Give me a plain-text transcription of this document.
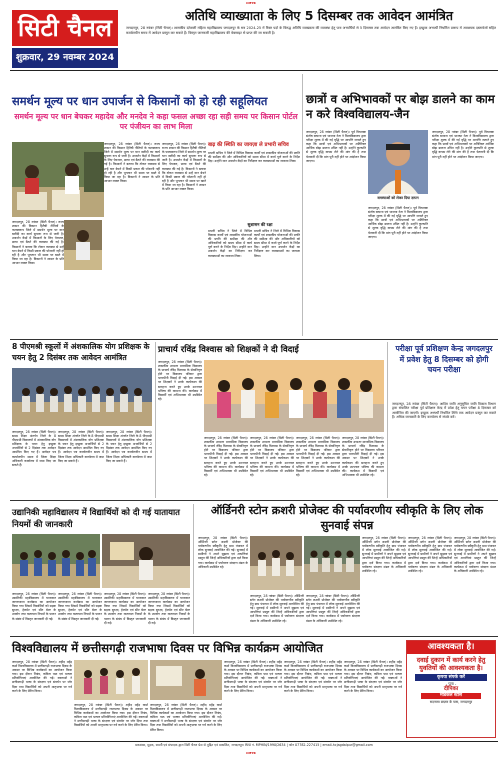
CMYK
सिटी चैनल
शुक्रवार, 29 नवम्बर 2024
अतिथि व्याख्याता के लिए 5 दिसम्बर तक आवेदन आमंत्रित
जगदलपुर, 28 नवंबर (सिटी चैनल)। शासकीय दंतेश्वरी महिला महाविद्यालय जगदलपुर के सत्र 2024-25 में रिक्त पदों के विरुद्ध अतिथि व्याख्याता की व्यवस्था हेतु पात्र अभ्यर्थियों से 5 दिसम्बर तक आवेदन आमंत्रित किए गए हैं। इच्छुक अभ्यर्थी निर्धारित प्रारूप में आवश्यक दस्तावेजों सहित कार्यालयीन समय में आवेदन प्रस्तुत कर सकते हैं। विस्तृत जानकारी महाविद्यालय की वेबसाइट से प्राप्त की जा सकती है।
समर्थन मूल्य पर धान उपार्जन से किसानों को हो रही सहूलियत
समर्थन मूल्य पर धान बेचकर महादेव और मनदेव ने कहा फसल अच्छा रहा सही समय पर किसान पोर्टल पर पंजीयन का लाभ मिला
जगदलपुर, 28 नवंबर (सिटी चैनल)। राज्य शासन की किसान हितैषी नीतियों के फलस्वरूप जिले में समर्थन मूल्य पर धान खरीदी का कार्य सुचारू रूप से जारी है। उपार्जन केंद्रों में किसानों के लिए पेयजल, छाया एवं बैठने की व्यवस्था की गई है। किसानों ने बताया कि टोकन व्यवस्था से उन्हें धान बेचने में किसी प्रकार की परेशानी नहीं हो रही है और भुगतान भी समय पर खाते में किया जा रहा है। किसानों ने शासन के प्रति आभार व्यक्त किया।
जगदलपुर, 28 नवंबर (सिटी चैनल)। राज्य शासन की किसान हितैषी नीतियों के फलस्वरूप जिले में समर्थन मूल्य पर धान खरीदी का कार्य सुचारू रूप से जारी है। उपार्जन केंद्रों में किसानों के लिए पेयजल, छाया एवं बैठने की व्यवस्था की गई है। किसानों ने बताया कि टोकन व्यवस्था से उन्हें धान बेचने में किसी प्रकार की परेशानी नहीं हो रही है और भुगतान भी समय पर खाते में किया जा रहा है। किसानों ने शासन के प्रति आभार व्यक्त किया।
जगदलपुर, 28 नवंबर (सिटी चैनल)। राज्य शासन की किसान हितैषी नीतियों के फलस्वरूप जिले में समर्थन मूल्य पर धान खरीदी का कार्य सुचारू रूप से जारी है। उपार्जन केंद्रों में किसानों के लिए पेयजल, छाया एवं बैठने की व्यवस्था की गई है। किसानों ने बताया कि टोकन व्यवस्था से उन्हें धान बेचने में किसी प्रकार की परेशानी नहीं हो रही है और भुगतान भी समय पर खाते में किया जा रहा है। किसानों ने शासन के प्रति आभार व्यक्त किया।
बाढ़ की स्थिति का जायज़ा ले प्रभारी सचिव
प्रभारी सचिव ने जिले में विभिन्न विकास कार्यों एवं शासकीय योजनाओं की प्रगति की समीक्षा की और अधिकारियों को समय सीमा में कार्य पूर्ण करने के निर्देश दिए। उन्होंने धान उपार्जन केंद्रों का निरीक्षण कर व्यवस्थाओं का जायजा लिया।
सुशासन की रक्षा
प्रभारी सचिव ने जिले में विभिन्न विकास कार्यों एवं शासकीय योजनाओं की प्रगति की समीक्षा की और अधिकारियों को समय सीमा में कार्य पूर्ण करने के निर्देश दिए। उन्होंने धान उपार्जन केंद्रों का निरीक्षण कर व्यवस्थाओं का जायजा लिया।
प्रभारी सचिव ने जिले में विभिन्न विकास कार्यों एवं शासकीय योजनाओं की प्रगति की समीक्षा की और अधिकारियों को समय सीमा में कार्य पूर्ण करने के निर्देश दिए। उन्होंने धान उपार्जन केंद्रों का निरीक्षण कर व्यवस्थाओं का जायजा लिया।
छात्रों व अभिभावकों पर बोझ डालने का काम न करे विश्वविद्यालय-जैन
जगदलपुर, 28 नवंबर (सिटी चैनल)। पूर्व विधायक संतोष बाफना एवं भाजपा नेता ने विश्वविद्यालय द्वारा परीक्षा शुल्क में की गई वृद्धि पर आपत्ति जताते हुए कहा कि छात्रों एवं अभिभावकों पर अतिरिक्त आर्थिक बोझ डालना उचित नहीं है। उन्होंने कुलपति से शुल्क वृद्धि वापस लेने की मांग की है तथा चेतावनी दी कि मांग पूरी नहीं होने पर आंदोलन किया जाएगा।
समस्याओं को लेकर दिया ज्ञापन
जगदलपुर, 28 नवंबर (सिटी चैनल)। पूर्व विधायक संतोष बाफना एवं भाजपा नेता ने विश्वविद्यालय द्वारा परीक्षा शुल्क में की गई वृद्धि पर आपत्ति जताते हुए कहा कि छात्रों एवं अभिभावकों पर अतिरिक्त आर्थिक बोझ डालना उचित नहीं है। उन्होंने कुलपति से शुल्क वृद्धि वापस लेने की मांग की है तथा चेतावनी दी कि मांग पूरी नहीं होने पर आंदोलन किया जाएगा।
जगदलपुर, 28 नवंबर (सिटी चैनल)। पूर्व विधायक संतोष बाफना एवं भाजपा नेता ने विश्वविद्यालय द्वारा परीक्षा शुल्क में की गई वृद्धि पर आपत्ति जताते हुए कहा कि छात्रों एवं अभिभावकों पर अतिरिक्त आर्थिक बोझ डालना उचित नहीं है। उन्होंने कुलपति से शुल्क वृद्धि वापस लेने की मांग की है तथा चेतावनी दी कि मांग पूरी नहीं होने पर आंदोलन किया जाएगा।
8 पीएमश्री स्कूलों में अंशकालिक योग प्रशिक्षक के चयन हेतु 2 दिसंबर तक आवेदन आमंत्रित
जगदलपुर, 28 नवंबर (सिटी चैनल)। समग्र शिक्षा अंतर्गत जिले के 8 पीएमश्री विद्यालयों में अंशकालिक योग प्रशिक्षक के चयन हेतु इच्छुक अभ्यर्थियों से 2 दिसंबर तक आवेदन आमंत्रित किए गए हैं। आवेदन पत्र कार्यालयीन समय में जिला शिक्षा अधिकारी कार्यालय में जमा किए जा सकते हैं।
जगदलपुर, 28 नवंबर (सिटी चैनल)। समग्र शिक्षा अंतर्गत जिले के 8 पीएमश्री विद्यालयों में अंशकालिक योग प्रशिक्षक के चयन हेतु इच्छुक अभ्यर्थियों से 2 दिसंबर तक आवेदन आमंत्रित किए गए हैं। आवेदन पत्र कार्यालयीन समय में जिला शिक्षा अधिकारी कार्यालय में जमा किए जा सकते हैं।
जगदलपुर, 28 नवंबर (सिटी चैनल)। समग्र शिक्षा अंतर्गत जिले के 8 पीएमश्री विद्यालयों में अंशकालिक योग प्रशिक्षक के चयन हेतु इच्छुक अभ्यर्थियों से 2 दिसंबर तक आवेदन आमंत्रित किए गए हैं। आवेदन पत्र कार्यालयीन समय में जिला शिक्षा अधिकारी कार्यालय में जमा किए जा सकते हैं।
प्राचार्य रविंद्र विश्वास को शिक्षकों ने दी विदाई
जगदलपुर, 28 नवंबर (सिटी चैनल)। शासकीय उच्चतर माध्यमिक विद्यालय के प्राचार्य रविंद्र विश्वास के सेवानिवृत्त होने पर विद्यालय परिवार द्वारा भावभीनी विदाई दी गई। इस अवसर पर शिक्षकों ने उनके कार्यकाल की सराहना करते हुए उनके उज्ज्वल भविष्य की कामना की। कार्यक्रम में विद्यार्थी एवं अभिभावक भी उपस्थित रहे।
जगदलपुर, 28 नवंबर (सिटी चैनल)। शासकीय उच्चतर माध्यमिक विद्यालय के प्राचार्य रविंद्र विश्वास के सेवानिवृत्त होने पर विद्यालय परिवार द्वारा भावभीनी विदाई दी गई। इस अवसर पर शिक्षकों ने उनके कार्यकाल की सराहना करते हुए उनके उज्ज्वल भविष्य की कामना की। कार्यक्रम में विद्यार्थी एवं अभिभावक भी उपस्थित रहे।
जगदलपुर, 28 नवंबर (सिटी चैनल)। शासकीय उच्चतर माध्यमिक विद्यालय के प्राचार्य रविंद्र विश्वास के सेवानिवृत्त होने पर विद्यालय परिवार द्वारा भावभीनी विदाई दी गई। इस अवसर पर शिक्षकों ने उनके कार्यकाल की सराहना करते हुए उनके उज्ज्वल भविष्य की कामना की। कार्यक्रम में विद्यार्थी एवं अभिभावक भी उपस्थित रहे।
जगदलपुर, 28 नवंबर (सिटी चैनल)। शासकीय उच्चतर माध्यमिक विद्यालय के प्राचार्य रविंद्र विश्वास के सेवानिवृत्त होने पर विद्यालय परिवार द्वारा भावभीनी विदाई दी गई। इस अवसर पर शिक्षकों ने उनके कार्यकाल की सराहना करते हुए उनके उज्ज्वल भविष्य की कामना की। कार्यक्रम में विद्यार्थी एवं अभिभावक भी उपस्थित रहे।
जगदलपुर, 28 नवंबर (सिटी चैनल)। शासकीय उच्चतर माध्यमिक विद्यालय के प्राचार्य रविंद्र विश्वास के सेवानिवृत्त होने पर विद्यालय परिवार द्वारा भावभीनी विदाई दी गई। इस अवसर पर शिक्षकों ने उनके कार्यकाल की सराहना करते हुए उनके उज्ज्वल भविष्य की कामना की। कार्यक्रम में विद्यार्थी एवं अभिभावक भी उपस्थित रहे।
परीक्षा पूर्व प्रशिक्षण केन्द्र जगदलपुर में प्रवेश हेतु 8 दिसम्बर को होगी चयन परीक्षा
जगदलपुर, 28 नवंबर (सिटी चैनल)। आदिम जाति अनुसूचित जाति विकास विभाग द्वारा संचालित परीक्षा पूर्व प्रशिक्षण केन्द्र में प्रवेश हेतु चयन परीक्षा 8 दिसम्बर को आयोजित की जाएगी। इच्छुक अभ्यर्थी निर्धारित तिथि तक आवेदन प्रस्तुत कर सकते हैं। अधिक जानकारी के लिए कार्यालय से संपर्क करें।
उद्यानिकी महाविद्यालय में विद्यार्थियों को दी गई यातायात नियमों की जानकारी
जगदलपुर, 28 नवंबर (सिटी चैनल)। उद्यानिकी महाविद्यालय में यातायात जागरूकता कार्यक्रम का आयोजन किया गया जिसमें विद्यार्थियों को सड़क सुरक्षा, हेलमेट एवं सीट बेल्ट के उपयोग तथा यातायात नियमों के पालन के संबंध में विस्तृत जानकारी दी गई।
जगदलपुर, 28 नवंबर (सिटी चैनल)। उद्यानिकी महाविद्यालय में यातायात जागरूकता कार्यक्रम का आयोजन किया गया जिसमें विद्यार्थियों को सड़क सुरक्षा, हेलमेट एवं सीट बेल्ट के उपयोग तथा यातायात नियमों के पालन के संबंध में विस्तृत जानकारी दी गई।
जगदलपुर, 28 नवंबर (सिटी चैनल)। उद्यानिकी महाविद्यालय में यातायात जागरूकता कार्यक्रम का आयोजन किया गया जिसमें विद्यार्थियों को सड़क सुरक्षा, हेलमेट एवं सीट बेल्ट के उपयोग तथा यातायात नियमों के पालन के संबंध में विस्तृत जानकारी दी गई।
जगदलपुर, 28 नवंबर (सिटी चैनल)। उद्यानिकी महाविद्यालय में यातायात जागरूकता कार्यक्रम का आयोजन किया गया जिसमें विद्यार्थियों को सड़क सुरक्षा, हेलमेट एवं सीट बेल्ट के उपयोग तथा यातायात नियमों के पालन के संबंध में विस्तृत जानकारी दी गई।
ऑर्डिनरी स्टोन क्रशरी प्रोजेक्ट की पर्यावरणीय स्वीकृति के लिए लोक सुनवाई संपन्न
जगदलपुर, 28 नवंबर (सिटी चैनल)। ऑर्डिनरी स्टोन क्रशरी प्रोजेक्ट की पर्यावरणीय स्वीकृति हेतु ग्राम पंचायत में लोक सुनवाई आयोजित की गई। सुनवाई में ग्रामीणों ने अपने सुझाव एवं आपत्तियां प्रस्तुत कीं जिन्हें अधिकारियों द्वारा दर्ज किया गया। कार्यक्रम में पर्यावरण संरक्षण मंडल के अधिकारी उपस्थित रहे।
जगदलपुर, 28 नवंबर (सिटी चैनल)। ऑर्डिनरी स्टोन क्रशरी प्रोजेक्ट की पर्यावरणीय स्वीकृति हेतु ग्राम पंचायत में लोक सुनवाई आयोजित की गई। सुनवाई में ग्रामीणों ने अपने सुझाव एवं आपत्तियां प्रस्तुत कीं जिन्हें अधिकारियों द्वारा दर्ज किया गया। कार्यक्रम में पर्यावरण संरक्षण मंडल के अधिकारी उपस्थित रहे।
जगदलपुर, 28 नवंबर (सिटी चैनल)। ऑर्डिनरी स्टोन क्रशरी प्रोजेक्ट की पर्यावरणीय स्वीकृति हेतु ग्राम पंचायत में लोक सुनवाई आयोजित की गई। सुनवाई में ग्रामीणों ने अपने सुझाव एवं आपत्तियां प्रस्तुत कीं जिन्हें अधिकारियों द्वारा दर्ज किया गया। कार्यक्रम में पर्यावरण संरक्षण मंडल के अधिकारी उपस्थित रहे।
जगदलपुर, 28 नवंबर (सिटी चैनल)। ऑर्डिनरी स्टोन क्रशरी प्रोजेक्ट की पर्यावरणीय स्वीकृति हेतु ग्राम पंचायत में लोक सुनवाई आयोजित की गई। सुनवाई में ग्रामीणों ने अपने सुझाव एवं आपत्तियां प्रस्तुत कीं जिन्हें अधिकारियों द्वारा दर्ज किया गया। कार्यक्रम में पर्यावरण संरक्षण मंडल के अधिकारी उपस्थित रहे।
जगदलपुर, 28 नवंबर (सिटी चैनल)। ऑर्डिनरी स्टोन क्रशरी प्रोजेक्ट की पर्यावरणीय स्वीकृति हेतु ग्राम पंचायत में लोक सुनवाई आयोजित की गई। सुनवाई में ग्रामीणों ने अपने सुझाव एवं आपत्तियां प्रस्तुत कीं जिन्हें अधिकारियों द्वारा दर्ज किया गया। कार्यक्रम में पर्यावरण संरक्षण मंडल के अधिकारी उपस्थित रहे।
जगदलपुर, 28 नवंबर (सिटी चैनल)। ऑर्डिनरी स्टोन क्रशरी प्रोजेक्ट की पर्यावरणीय स्वीकृति हेतु ग्राम पंचायत में लोक सुनवाई आयोजित की गई। सुनवाई में ग्रामीणों ने अपने सुझाव एवं आपत्तियां प्रस्तुत कीं जिन्हें अधिकारियों द्वारा दर्ज किया गया। कार्यक्रम में पर्यावरण संरक्षण मंडल के अधिकारी उपस्थित रहे।
विश्वविद्यालय में छत्तीसगढ़ी राजभाषा दिवस पर विभिन्न कार्यक्रम आयोजित
जगदलपुर, 28 नवंबर (सिटी चैनल)। शहीद महेंद्र कर्मा विश्वविद्यालय में छत्तीसगढ़ी राजभाषा दिवस के अवसर पर विभिन्न कार्यक्रमों का आयोजन किया गया। इस दौरान निबंध, कविता पाठ एवं भाषण प्रतियोगिताएं आयोजित की गईं। वक्ताओं ने छत्तीसगढ़ी भाषा के संरक्षण एवं संवर्धन पर जोर दिया तथा विद्यार्थियों को अपनी मातृभाषा पर गर्व करने के लिए प्रेरित किया।
जगदलपुर, 28 नवंबर (सिटी चैनल)। शहीद महेंद्र कर्मा विश्वविद्यालय में छत्तीसगढ़ी राजभाषा दिवस के अवसर पर विभिन्न कार्यक्रमों का आयोजन किया गया। इस दौरान निबंध, कविता पाठ एवं भाषण प्रतियोगिताएं आयोजित की गईं। वक्ताओं ने छत्तीसगढ़ी भाषा के संरक्षण एवं संवर्धन पर जोर दिया तथा विद्यार्थियों को अपनी मातृभाषा पर गर्व करने के लिए प्रेरित किया।
जगदलपुर, 28 नवंबर (सिटी चैनल)। शहीद महेंद्र कर्मा विश्वविद्यालय में छत्तीसगढ़ी राजभाषा दिवस के अवसर पर विभिन्न कार्यक्रमों का आयोजन किया गया। इस दौरान निबंध, कविता पाठ एवं भाषण प्रतियोगिताएं आयोजित की गईं। वक्ताओं ने छत्तीसगढ़ी भाषा के संरक्षण एवं संवर्धन पर जोर दिया तथा विद्यार्थियों को अपनी मातृभाषा पर गर्व करने के लिए प्रेरित किया।
जगदलपुर, 28 नवंबर (सिटी चैनल)। शहीद महेंद्र कर्मा विश्वविद्यालय में छत्तीसगढ़ी राजभाषा दिवस के अवसर पर विभिन्न कार्यक्रमों का आयोजन किया गया। इस दौरान निबंध, कविता पाठ एवं भाषण प्रतियोगिताएं आयोजित की गईं। वक्ताओं ने छत्तीसगढ़ी भाषा के संरक्षण एवं संवर्धन पर जोर दिया तथा विद्यार्थियों को अपनी मातृभाषा पर गर्व करने के लिए प्रेरित किया।
जगदलपुर, 28 नवंबर (सिटी चैनल)। शहीद महेंद्र कर्मा विश्वविद्यालय में छत्तीसगढ़ी राजभाषा दिवस के अवसर पर विभिन्न कार्यक्रमों का आयोजन किया गया। इस दौरान निबंध, कविता पाठ एवं भाषण प्रतियोगिताएं आयोजित की गईं। वक्ताओं ने छत्तीसगढ़ी भाषा के संरक्षण एवं संवर्धन पर जोर दिया तथा विद्यार्थियों को अपनी मातृभाषा पर गर्व करने के लिए प्रेरित किया।
जगदलपुर, 28 नवंबर (सिटी चैनल)। शहीद महेंद्र कर्मा विश्वविद्यालय में छत्तीसगढ़ी राजभाषा दिवस के अवसर पर विभिन्न कार्यक्रमों का आयोजन किया गया। इस दौरान निबंध, कविता पाठ एवं भाषण प्रतियोगिताएं आयोजित की गईं। वक्ताओं ने छत्तीसगढ़ी भाषा के संरक्षण एवं संवर्धन पर जोर दिया तथा विद्यार्थियों को अपनी मातृभाषा पर गर्व करने के लिए प्रेरित किया।
आवश्यकता है।
दवाई दुकान में कार्य करने हेतु युवतियों की आवश्यकता है।
कृपया संपर्क करें
- पता -
दीपिका
मेडिकल स्टोर्स
सदनामा बाज़ार के पास, जगदलपुर
प्रकाशक, मुद्रक, स्वामी एवं संपादक द्वारा सिटी चैनल प्रेस से मुद्रित एवं प्रकाशित, जगदलपुर। RNI नं. MPHIN/1990/2634 | फोन 07782-227415 | email-hcjagdalpur@gmail.com
CMYK
